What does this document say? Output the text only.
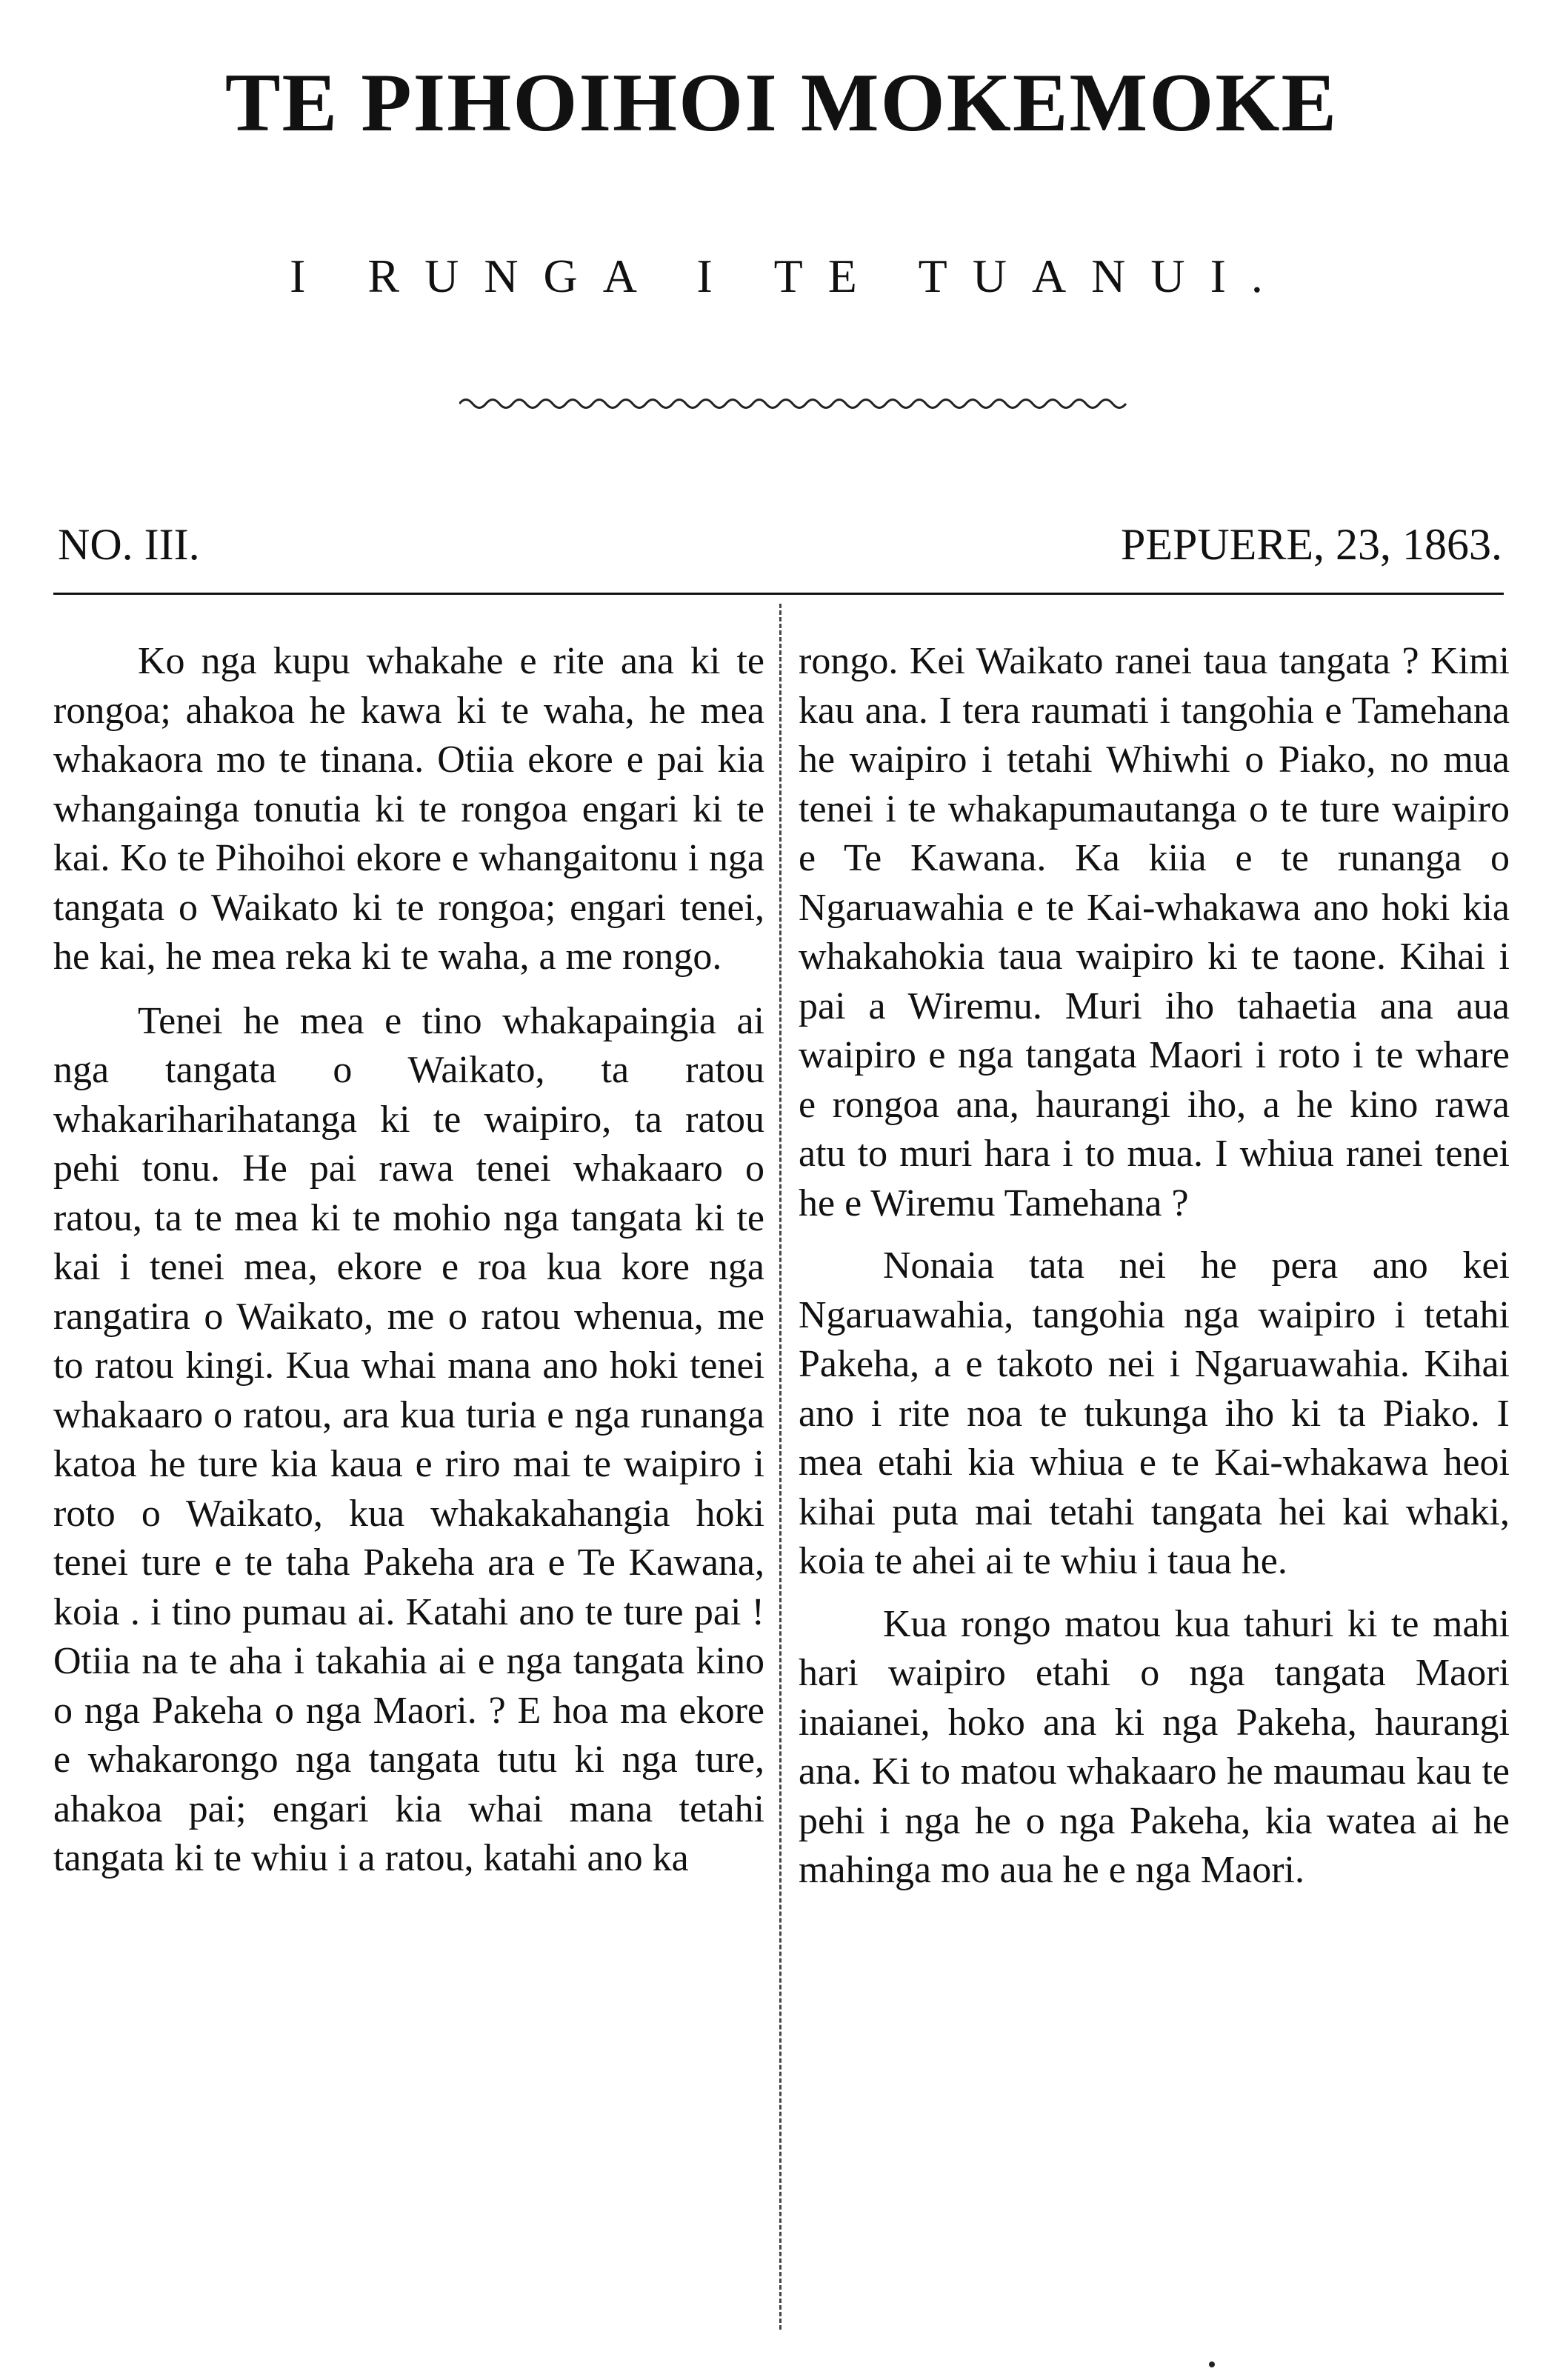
TE PIHOIHOI MOKEMOKE
I RUNGA I TE TUANUI.
NO. III.	PEPUERE, 23, 1863.

Ko nga kupu whakahe e rite ana ki te rongoa; ahakoa he kawa ki te waha, he mea whakaora mo te tinana. Otiia ekore e pai kia whangainga tonutia ki te rongoa engari ki te kai. Ko te Pihoihoi ekore e whangaitonu i nga tangata o Waikato ki te rongoa; engari tenei, he kai, he mea reka ki te waha, a me rongo.

Tenei he mea e tino whakapaingia ai nga tangata o Waikato, ta ratou whakariharihatanga ki te waipiro, ta ratou pehi tonu. He pai rawa tenei whakaaro o ratou, ta te mea ki te mohio nga tangata ki te kai i tenei mea, ekore e roa kua kore nga rangatira o Waikato, me o ratou whenua, me to ratou kingi. Kua whai mana ano hoki tenei whakaaro o ratou, ara kua turia e nga runanga katoa he ture kia kaua e riro mai te waipiro i roto o Waikato, kua whakakahangia hoki tenei ture e te taha Pakeha ara e Te Kawana, koia . i tino pumau ai. Katahi ano te ture pai ! Otiia na te aha i takahia ai e nga tangata kino o nga Pakeha o nga Maori. ? E hoa ma ekore e whakarongo nga tangata tutu ki nga ture, ahakoa pai; engari kia whai mana tetahi tangata ki te whiu i a ratou, katahi ano ka

rongo. Kei Waikato ranei taua tangata ? Kimi kau ana. I tera raumati i tangohia e Tamehana he waipiro i tetahi Whiwhi o Piako, no mua tenei i te whakapumautanga o te ture waipiro e Te Kawana. Ka kiia e te runanga o Ngaruawahia e te Kai-whakawa ano hoki kia whakahokia taua waipiro ki te taone. Kihai i pai a Wiremu. Muri iho tahaetia ana aua waipiro e nga tangata Maori i roto i te whare e rongoa ana, haurangi iho, a he kino rawa atu to muri hara i to mua. I whiua ranei tenei he e Wiremu Tamehana ?

Nonaia tata nei he pera ano kei Ngaruawahia, tangohia nga waipiro i tetahi Pakeha, a e takoto nei i Ngaruawahia. Kihai ano i rite noa te tukunga iho ki ta Piako. I mea etahi kia whiua e te Kai-whakawa heoi kihai puta mai tetahi tangata hei kai whaki, koia te ahei ai te whiu i taua he.

Kua rongo matou kua tahuri ki te mahi hari waipiro etahi o nga tangata Maori inaianei, hoko ana ki nga Pakeha, haurangi ana. Ki to matou whakaaro he maumau kau te pehi i nga he o nga Pakeha, kia watea ai he mahinga mo aua he e nga Maori.
